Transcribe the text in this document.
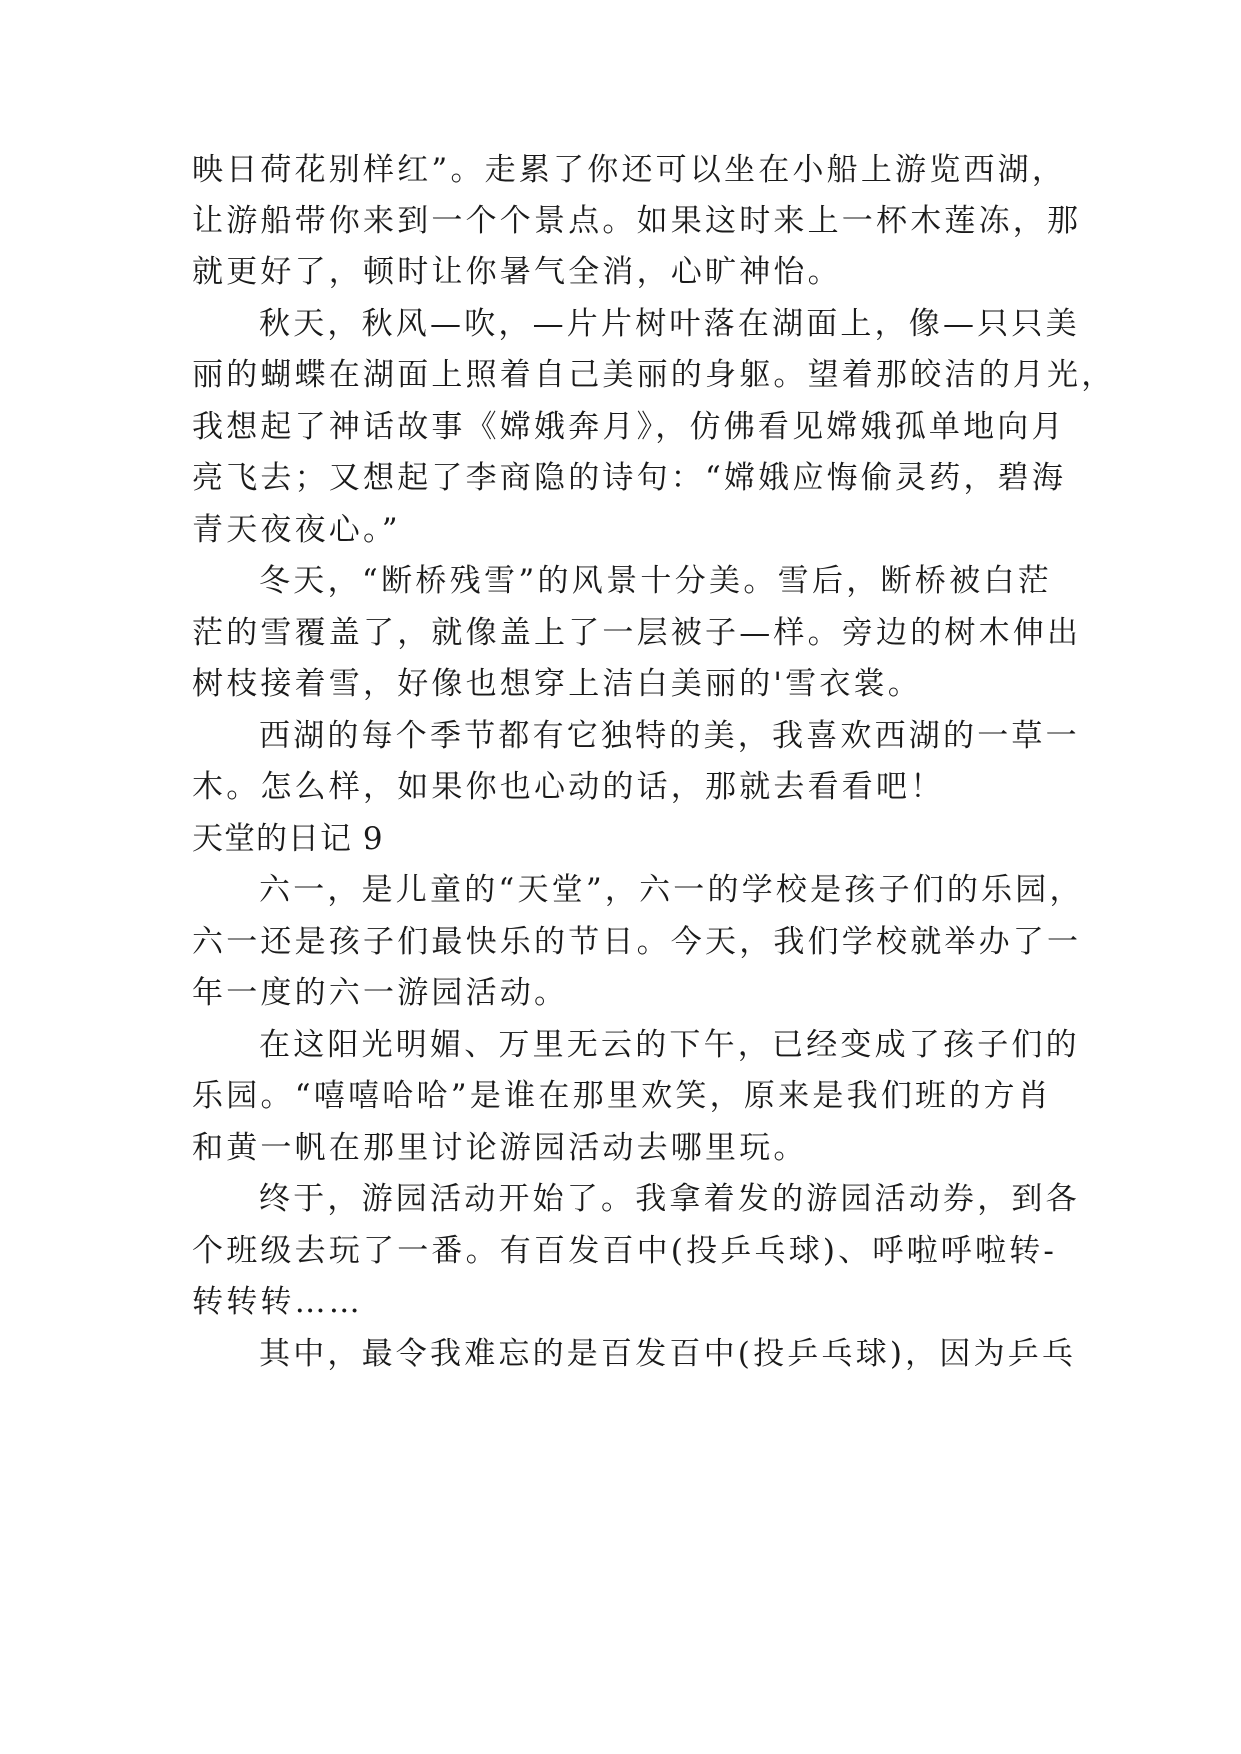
映日荷花别样红”。走累了你还可以坐在小船上游览西湖，
让游船带你来到一个个景点。如果这时来上一杯木莲冻，那
就更好了，顿时让你暑气全消，心旷神怡。
秋天，秋风—吹，—片片树叶落在湖面上，像—只只美
丽的蝴蝶在湖面上照着自己美丽的身躯。望着那皎洁的月光，
我想起了神话故事《嫦娥奔月》，仿佛看见嫦娥孤单地向月
亮飞去；又想起了李商隐的诗句：“嫦娥应悔偷灵药，碧海
青天夜夜心。”
冬天，“断桥残雪”的风景十分美。雪后，断桥被白茫
茫的雪覆盖了，就像盖上了一层被子—样。旁边的树木伸出
树枝接着雪，好像也想穿上洁白美丽的'雪衣裳。
西湖的每个季节都有它独特的美，我喜欢西湖的一草一
木。怎么样，如果你也心动的话，那就去看看吧！
天堂的日记 9
六一，是儿童的“天堂”，六一的学校是孩子们的乐园，
六一还是孩子们最快乐的节日。今天，我们学校就举办了一
年一度的六一游园活动。
在这阳光明媚、万里无云的下午，已经变成了孩子们的
乐园。“嘻嘻哈哈”是谁在那里欢笑，原来是我们班的方肖
和黄一帆在那里讨论游园活动去哪里玩。
终于，游园活动开始了。我拿着发的游园活动券，到各
个班级去玩了一番。有百发百中(投乒乓球)、呼啦呼啦转-
转转转……
其中，最令我难忘的是百发百中(投乒乓球)，因为乒乓
